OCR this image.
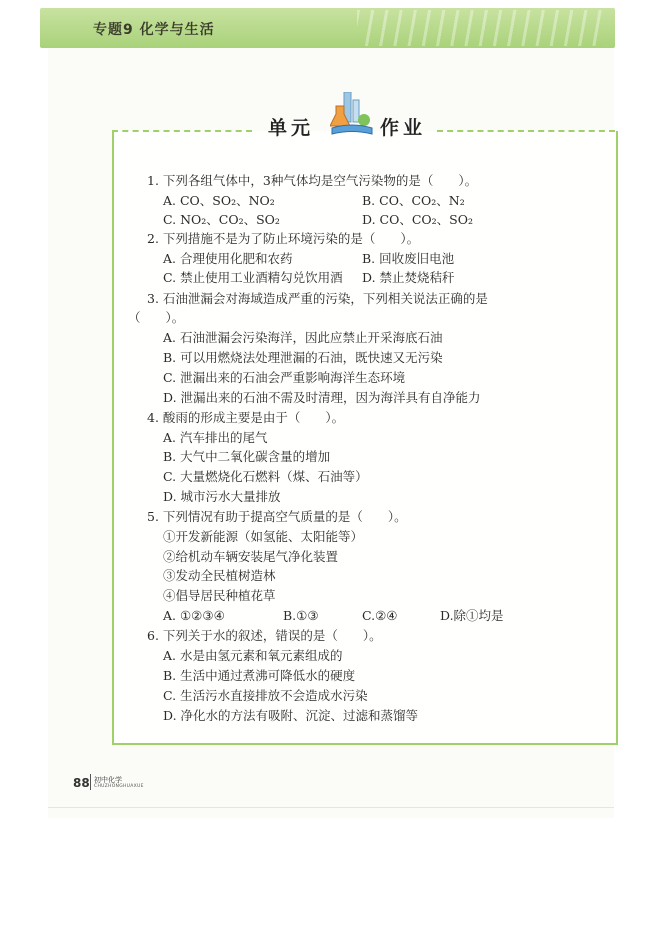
专题9 化学与生活
单元	作业
1. 下列各组气体中，3种气体均是空气污染物的是（　　）。
A. CO、SO₂、NO₂	B. CO、CO₂、N₂
C. NO₂、CO₂、SO₂	D. CO、CO₂、SO₂
2. 下列措施不是为了防止环境污染的是（　　）。
A. 合理使用化肥和农药	B. 回收废旧电池
C. 禁止使用工业酒精勾兑饮用酒 D. 禁止焚烧秸秆
3. 石油泄漏会对海域造成严重的污染，下列相关说法正确的是
（　　）。
A. 石油泄漏会污染海洋，因此应禁止开采海底石油
B. 可以用燃烧法处理泄漏的石油，既快速又无污染
C. 泄漏出来的石油会严重影响海洋生态环境
D. 泄漏出来的石油不需及时清理，因为海洋具有自净能力
4. 酸雨的形成主要是由于（　　）。
A. 汽车排出的尾气
B. 大气中二氧化碳含量的增加
C. 大量燃烧化石燃料（煤、石油等）
D. 城市污水大量排放
5. 下列情况有助于提高空气质量的是（　　）。
①开发新能源（如氢能、太阳能等）
②给机动车辆安装尾气净化装置
③发动全民植树造林
④倡导居民种植花草
A. ①②③④	B.①③	C.②④	D.除①均是
6. 下列关于水的叙述，错误的是（　　）。
A. 水是由氢元素和氧元素组成的
B. 生活中通过煮沸可降低水的硬度
C. 生活污水直接排放不会造成水污染
D. 净化水的方法有吸附、沉淀、过滤和蒸馏等
88 初中化学
CHUZHONGHUAXUE
